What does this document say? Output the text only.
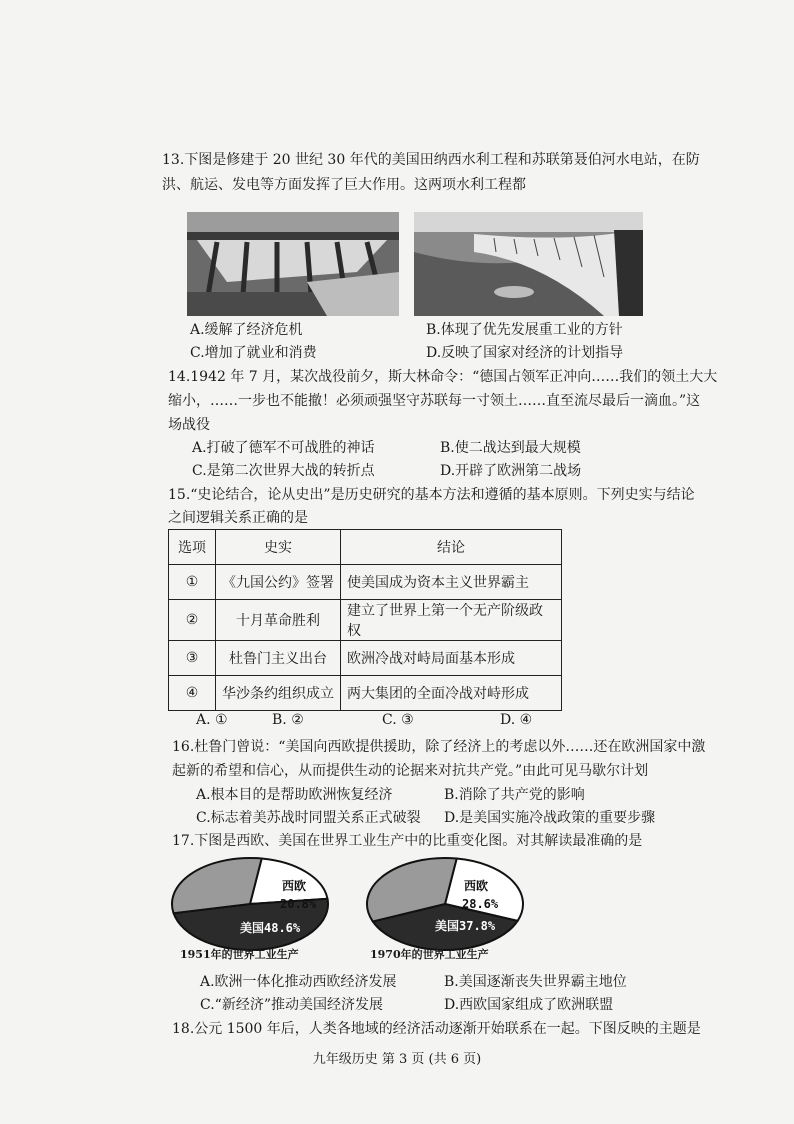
13.下图是修建于 20 世纪 30 年代的美国田纳西水利工程和苏联第聂伯河水电站，在防
洪、航运、发电等方面发挥了巨大作用。这两项水利工程都
A.缓解了经济危机	B.体现了优先发展重工业的方针
C.增加了就业和消费	D.反映了国家对经济的计划指导
14.1942 年 7 月，某次战役前夕，斯大林命令：“德国占领军正冲向……我们的领土大大
缩小，……一步也不能撤！必须顽强坚守苏联每一寸领土……直至流尽最后一滴血。”这
场战役
A.打破了德军不可战胜的神话	B.使二战达到最大规模
C.是第二次世界大战的转折点	D.开辟了欧洲第二战场
15.“史论结合，论从史出”是历史研究的基本方法和遵循的基本原则。下列史实与结论
之间逻辑关系正确的是
选项	史实	结论
①	《九国公约》签署	使美国成为资本主义世界霸主
②	十月革命胜利	建立了世界上第一个无产阶级政权
③	杜鲁门主义出台	欧洲冷战对峙局面基本形成
④	华沙条约组织成立	两大集团的全面冷战对峙形成
A. ①	B. ②	C. ③	D. ④
16.杜鲁门曾说：“美国向西欧提供援助，除了经济上的考虑以外……还在欧洲国家中激
起新的希望和信心，从而提供生动的论据来对抗共产党。”由此可见马歇尔计划
A.根本目的是帮助欧洲恢复经济	B.消除了共产党的影响
C.标志着美苏战时同盟关系正式破裂 D.是美国实施冷战政策的重要步骤
17.下图是西欧、美国在世界工业生产中的比重变化图。对其解读最准确的是
西欧
20.8%
美国48.6%
西欧
28.6%
美国37.8%
1951年的世界工业生产	1970年的世界工业生产
A.欧洲一体化推动西欧经济发展	B.美国逐渐丧失世界霸主地位
C.“新经济”推动美国经济发展	D.西欧国家组成了欧洲联盟
18.公元 1500 年后，人类各地域的经济活动逐渐开始联系在一起。下图反映的主题是
九年级历史 第 3 页 (共 6 页)
